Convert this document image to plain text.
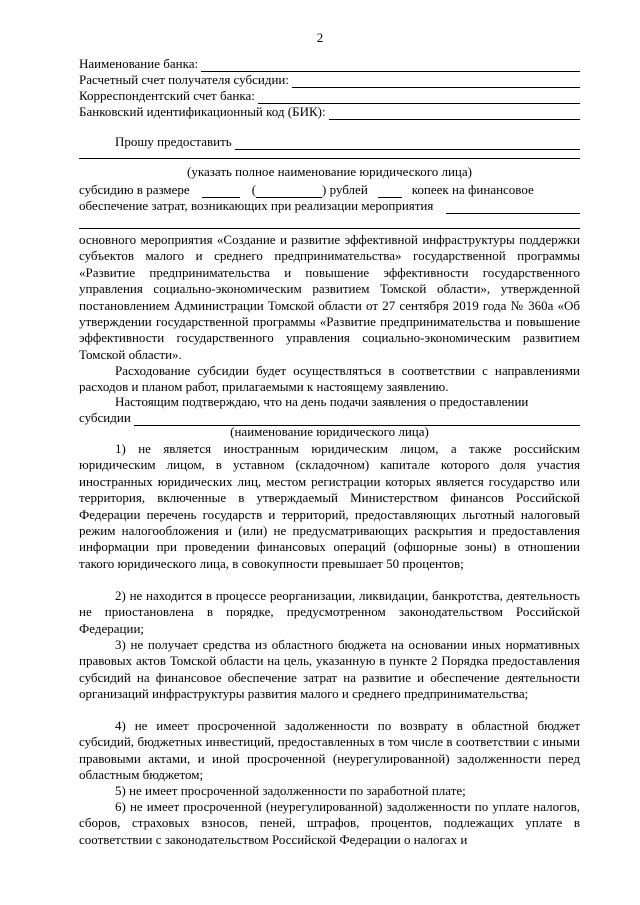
2
Наименование банка:
Расчетный счет получателя субсидии:
Корреспондентский счет банка:
Банковский идентификационный код (БИК):
Прошу предоставить
(указать полное наименование юридического лица)
субсидию в размере	(	) рублей	копеек на финансовое
обеспечение затрат, возникающих при реализации мероприятия
основного мероприятия «Создание и развитие эффективной инфраструктуры поддержки субъектов малого и среднего предпринимательства» государственной программы «Развитие предпринимательства и повышение эффективности государственного управления социально-экономическим развитием Томской области», утвержденной постановлением Администрации Томской области от 27 сентября 2019 года № 360а «Об утверждении государственной программы «Развитие предпринимательства и повышение эффективности государственного управления социально-экономическим развитием Томской области».
Расходование субсидии будет осуществляться в соответствии с направлениями расходов и планом работ, прилагаемыми к настоящему заявлению.
Настоящим подтверждаю, что на день подачи заявления о предоставлении
субсидии
(наименование юридического лица)
1) не является иностранным юридическим лицом, а также российским юридическим лицом, в уставном (складочном) капитале которого доля участия иностранных юридических лиц, местом регистрации которых является государство или территория, включенные в утверждаемый Министерством финансов Российской Федерации перечень государств и территорий, предоставляющих льготный налоговый режим налогообложения и (или) не предусматривающих раскрытия и предоставления информации при проведении финансовых операций (офшорные зоны) в отношении такого юридического лица, в совокупности превышает 50 процентов;
2) не находится в процессе реорганизации, ликвидации, банкротства, деятельность не приостановлена в порядке, предусмотренном законодательством Российской Федерации;
3) не получает средства из областного бюджета на основании иных нормативных правовых актов Томской области на цель, указанную в пункте 2 Порядка предоставления субсидий на финансовое обеспечение затрат на развитие и обеспечение деятельности организаций инфраструктуры развития малого и среднего предпринимательства;
4) не имеет просроченной задолженности по возврату в областной бюджет субсидий, бюджетных инвестиций, предоставленных в том числе в соответствии с иными правовыми актами, и иной просроченной (неурегулированной) задолженности перед областным бюджетом;
5) не имеет просроченной задолженности по заработной плате;
6) не имеет просроченной (неурегулированной) задолженности по уплате налогов, сборов, страховых взносов, пеней, штрафов, процентов, подлежащих уплате в соответствии с законодательством Российской Федерации о налогах и
